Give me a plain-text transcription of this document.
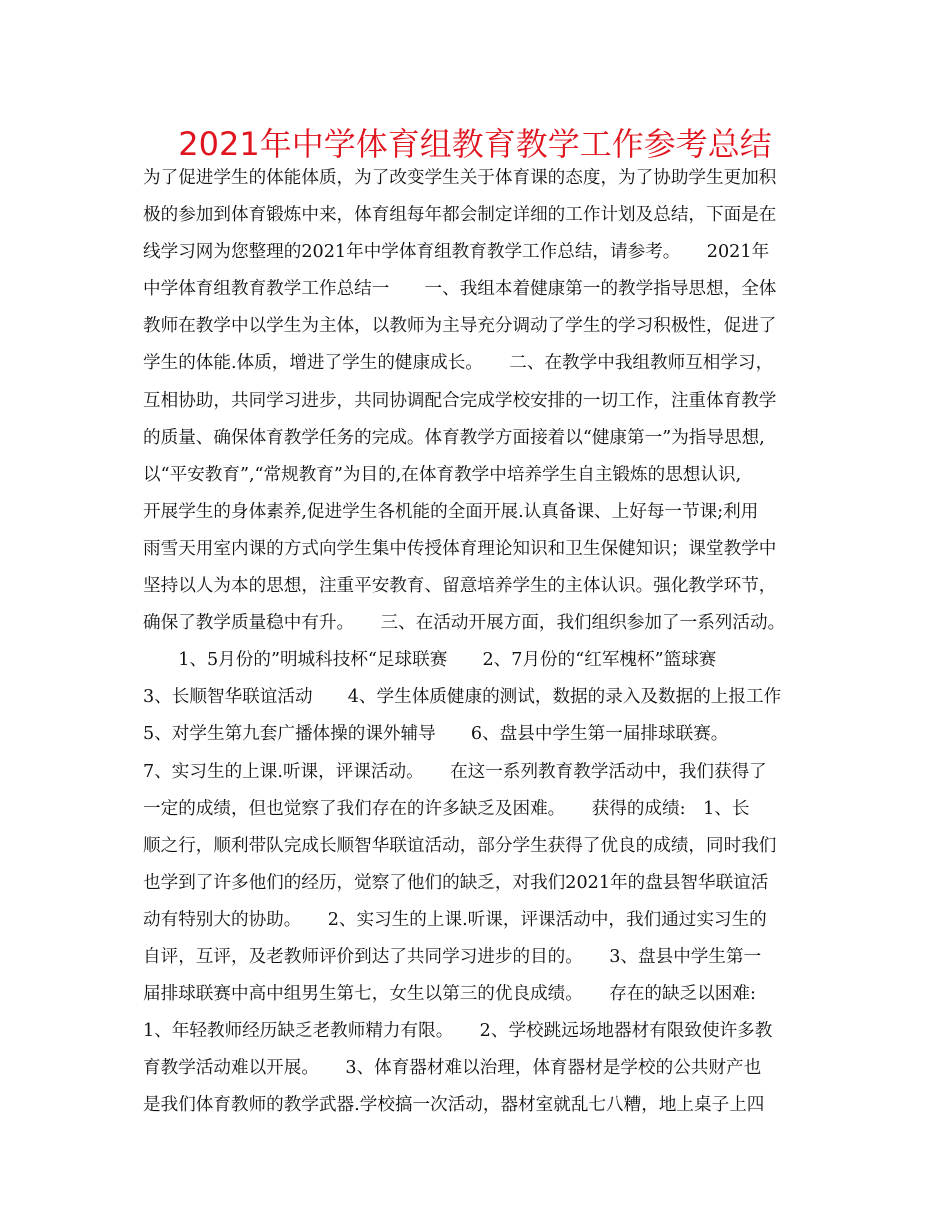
2021年中学体育组教育教学工作参考总结
为了促进学生的体能体质，为了改变学生关于体育课的态度，为了协助学生更加积
极的参加到体育锻炼中来，体育组每年都会制定详细的工作计划及总结，下面是在
线学习网为您整理的2021年中学体育组教育教学工作总结，请参考。　　2021年
中学体育组教育教学工作总结一　　一、我组本着健康第一的教学指导思想，全体
教师在教学中以学生为主体，以教师为主导充分调动了学生的学习积极性，促进了
学生的体能.体质，增进了学生的健康成长。　　二、在教学中我组教师互相学习，
互相协助，共同学习进步，共同协调配合完成学校安排的一切工作，注重体育教学
的质量、确保体育教学任务的完成。体育教学方面接着以“健康第一”为指导思想,
以“平安教育”,“常规教育”为目的,在体育教学中培养学生自主锻炼的思想认识,
开展学生的身体素养,促进学生各机能的全面开展.认真备课、上好每一节课;利用
雨雪天用室内课的方式向学生集中传授体育理论知识和卫生保健知识；课堂教学中
坚持以人为本的思想，注重平安教育、留意培养学生的主体认识。强化教学环节，
确保了教学质量稳中有升。　　三、在活动开展方面，我们组织参加了一系列活动。
　　1、5月份的”明城科技杯“足球联赛　　2、7月份的“红军槐杯”篮球赛
3、长顺智华联谊活动　　4、学生体质健康的测试，数据的录入及数据的上报工作
5、对学生第九套广播体操的课外辅导　　6、盘县中学生第一届排球联赛。
7、实习生的上课.听课，评课活动。　　在这一系列教育教学活动中，我们获得了
一定的成绩，但也觉察了我们存在的许多缺乏及困难。　　获得的成绩:　1、长
顺之行，顺利带队完成长顺智华联谊活动，部分学生获得了优良的成绩，同时我们
也学到了许多他们的经历，觉察了他们的缺乏，对我们2021年的盘县智华联谊活
动有特别大的协助。　　2、实习生的上课.听课，评课活动中，我们通过实习生的
自评，互评，及老教师评价到达了共同学习进步的目的。　　3、盘县中学生第一
届排球联赛中高中组男生第七，女生以第三的优良成绩。　　存在的缺乏以困难:
1、年轻教师经历缺乏老教师精力有限。　　2、学校跳远场地器材有限致使许多教
育教学活动难以开展。　　3、体育器材难以治理，体育器材是学校的公共财产也
是我们体育教师的教学武器.学校搞一次活动，器材室就乱七八糟，地上桌子上四
